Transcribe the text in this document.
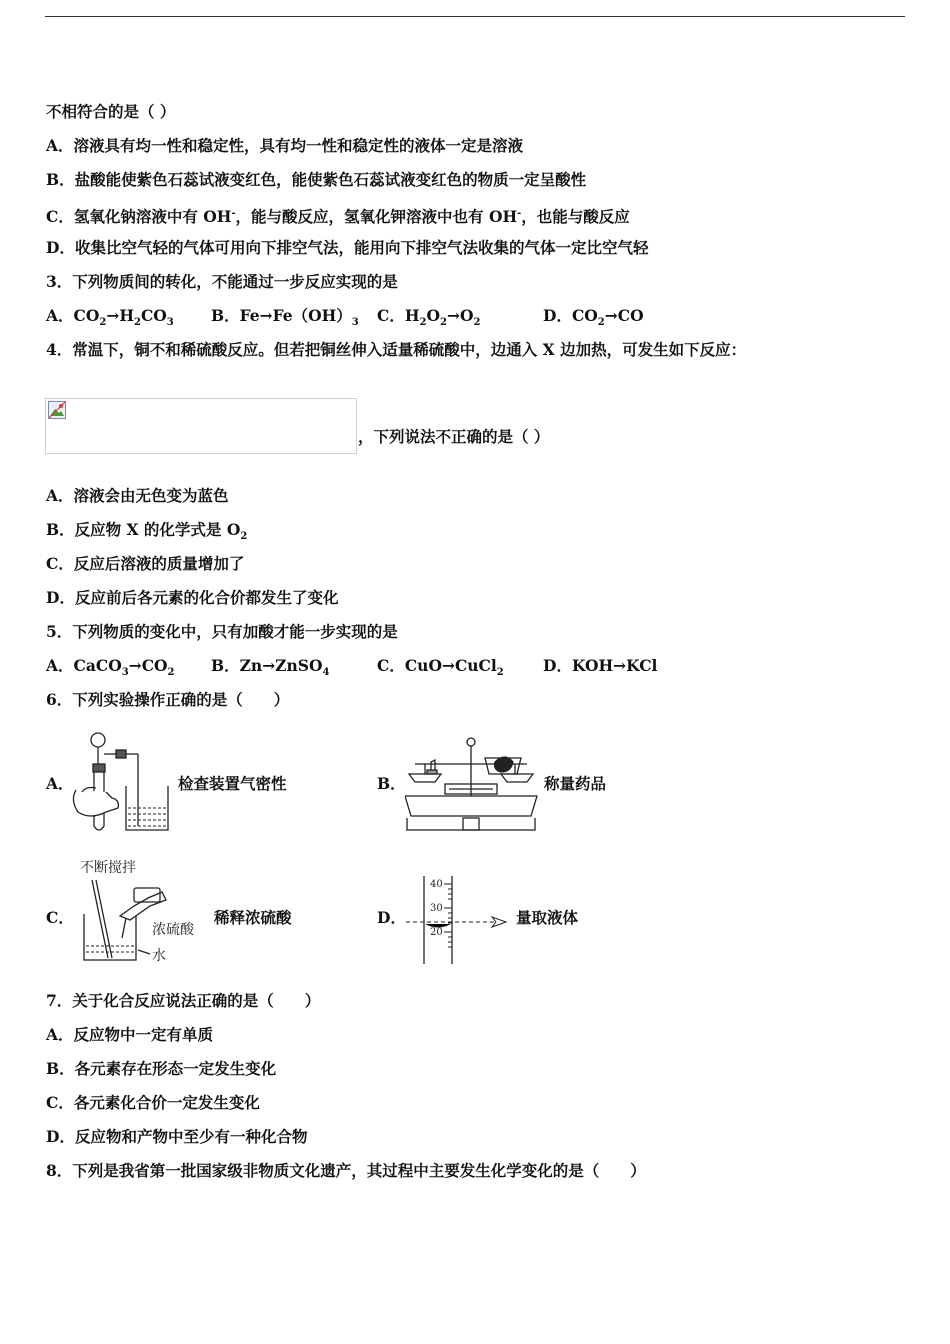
不相符合的是（ ）
A．溶液具有均一性和稳定性，具有均一性和稳定性的液体一定是溶液
B．盐酸能使紫色石蕊试液变红色，能使紫色石蕊试液变红色的物质一定呈酸性
C．氢氧化钠溶液中有 OH-，能与酸反应，氢氧化钾溶液中也有 OH-，也能与酸反应
D．收集比空气轻的气体可用向下排空气法，能用向下排空气法收集的气体一定比空气轻
3．下列物质间的转化，不能通过一步反应实现的是
A．$CO_2\to H_2CO_3$ B．$Fe\to Fe(OH)_3$ C．$H_2O_2\to O_2$	D．$CO_2\to CO$
4．常温下，铜不和稀硫酸反应。但若把铜丝伸入适量稀硫酸中，边通入 X 边加热，可发生如下反应：
，下列说法不正确的是（ ）
A．溶液会由无色变为蓝色
B．反应物 X 的化学式是 $O_2$
C．反应后溶液的质量增加了
D．反应前后各元素的化合价都发生了变化
5．下列物质的变化中，只有加酸才能一步实现的是
A．$CaCO_3\to CO_2$ B．Zn→ZnSO$_4$	C．CuO→CuCl$_2$	D．KOH→KCl
6．下列实验操作正确的是（　　）
A．	检查装置气密性	B．	称量药品
C．
不断搅拌
浓硫酸
水
稀释浓硫酸	D．
40
30
20
量取液体
7．关于化合反应说法正确的是（　　）
A．反应物中一定有单质
B．各元素存在形态一定发生变化
C．各元素化合价一定发生变化
D．反应物和产物中至少有一种化合物
8．下列是我省第一批国家级非物质文化遗产，其过程中主要发生化学变化的是（　　）
